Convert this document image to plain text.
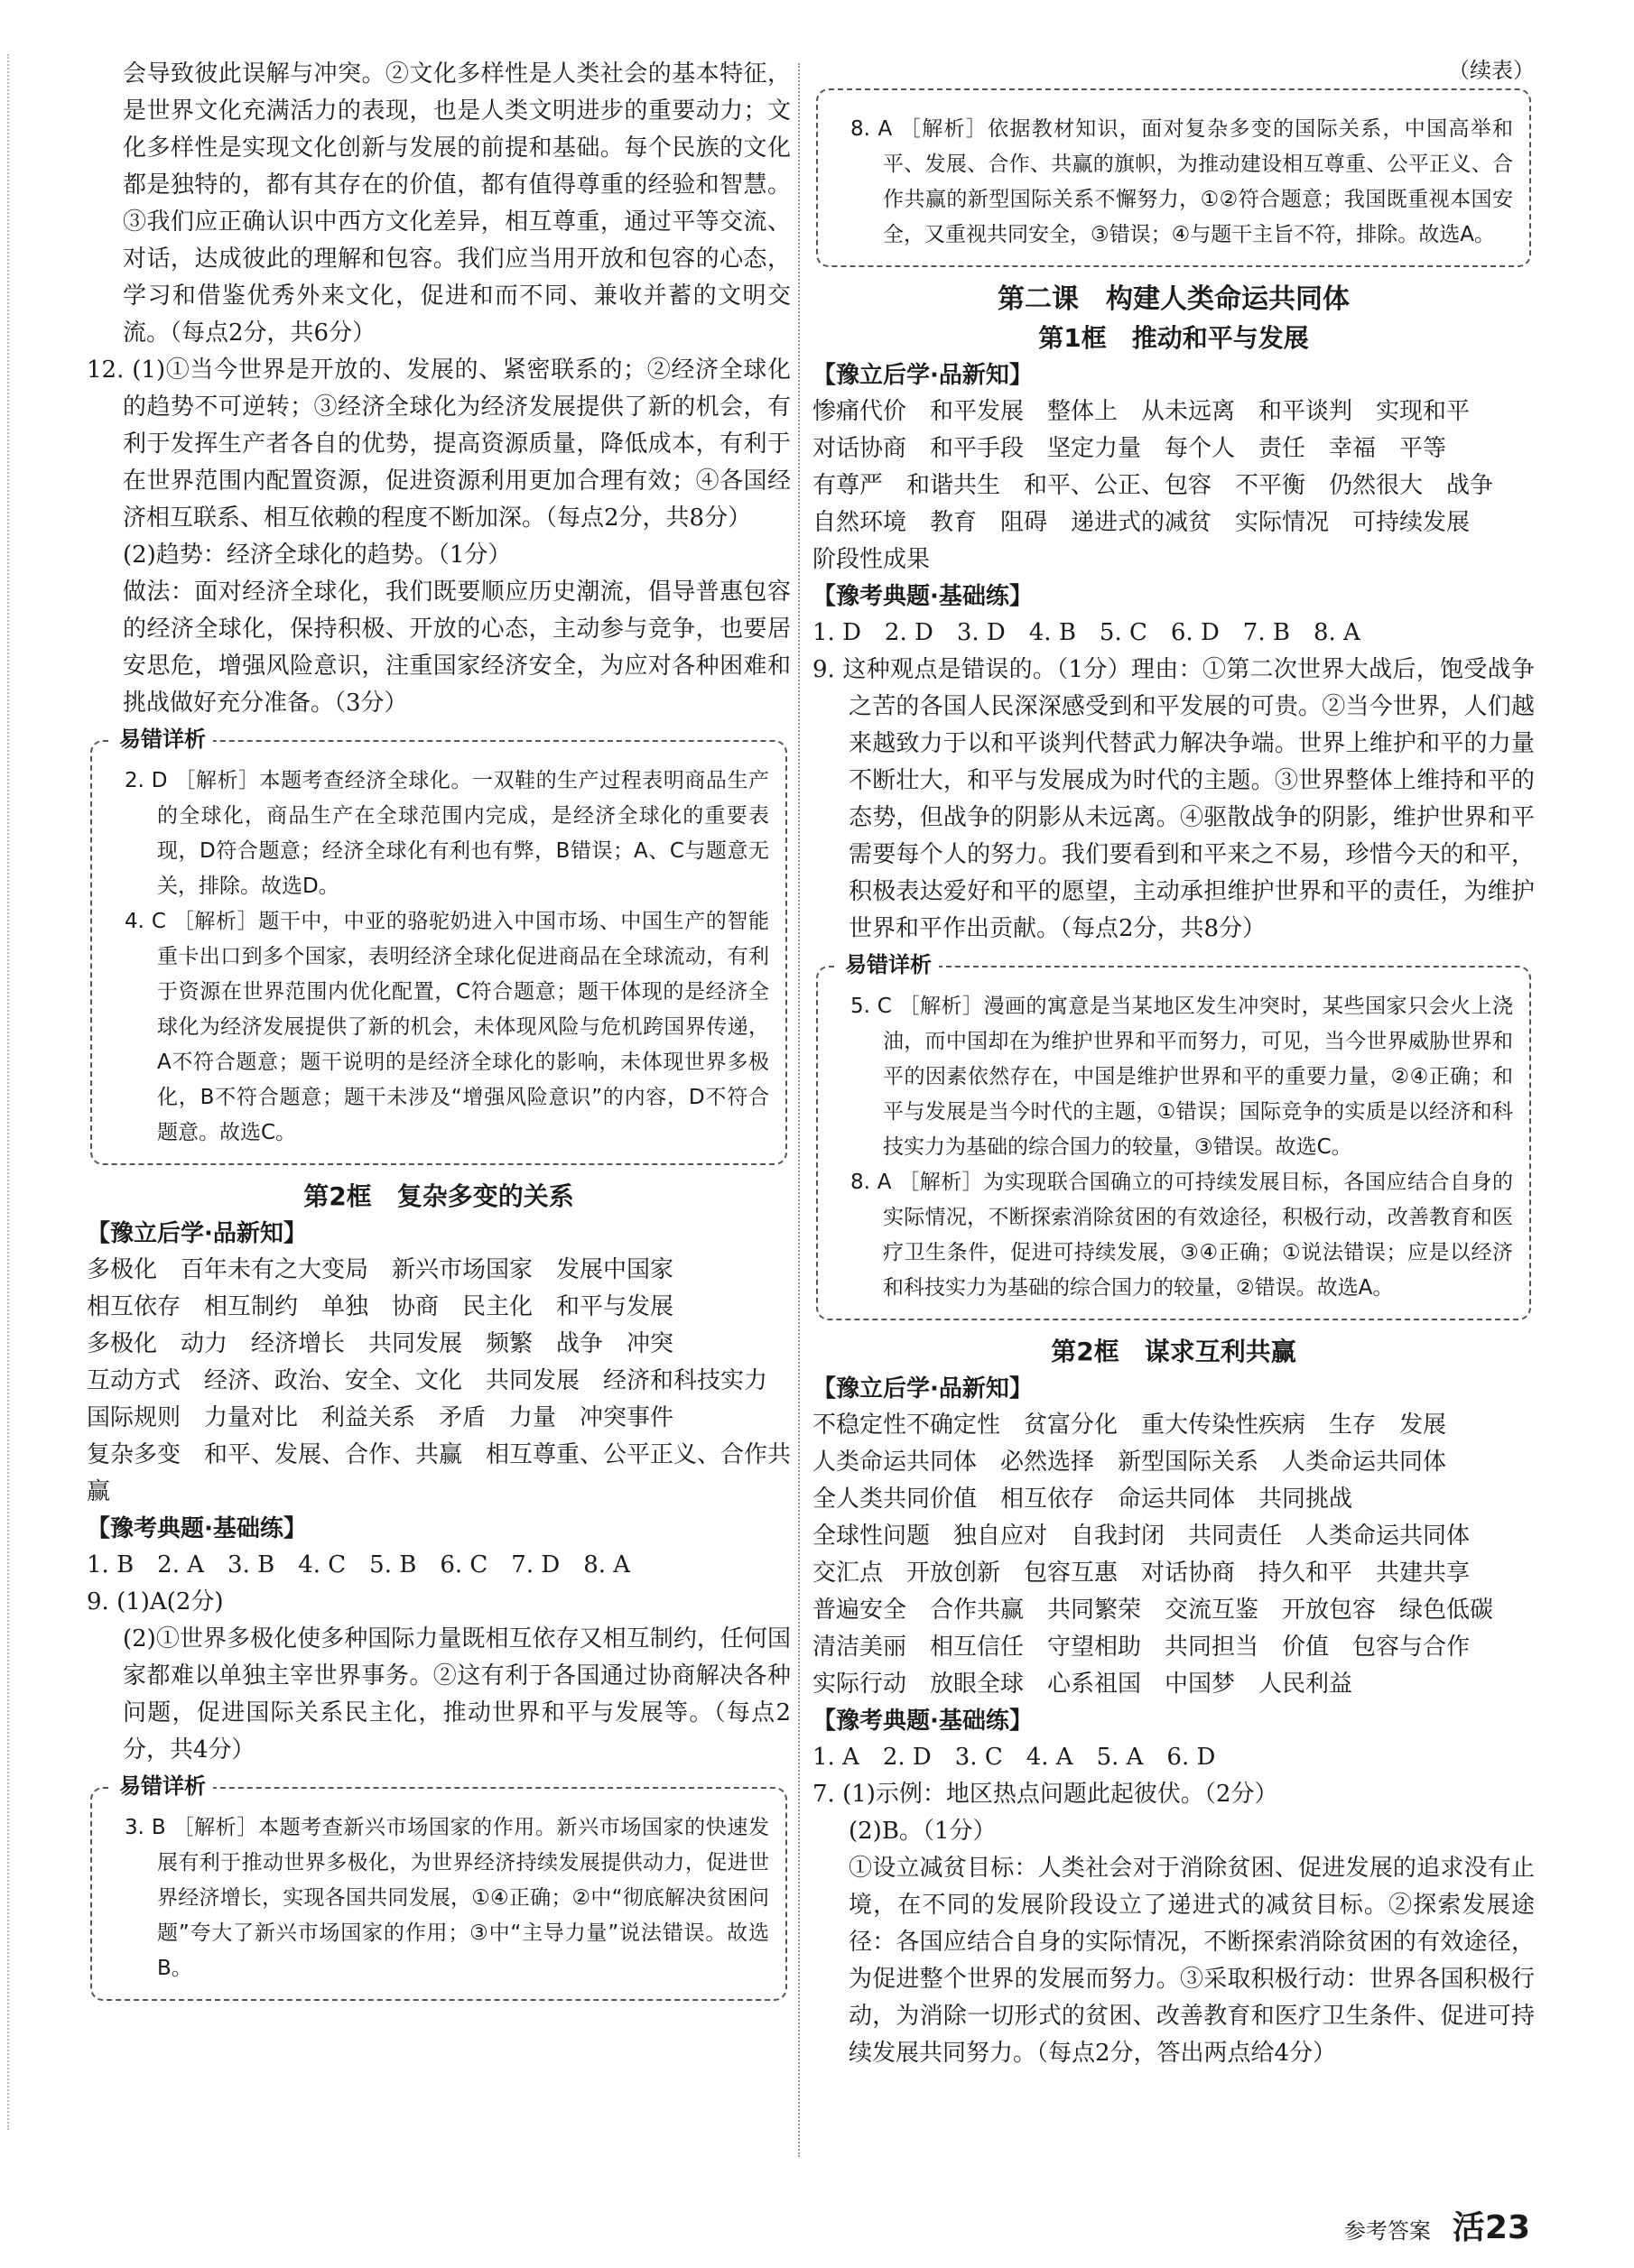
会导致彼此误解与冲突。②文化多样性是人类社会的基本特征，是世界文化充满活力的表现，也是人类文明进步的重要动力；文化多样性是实现文化创新与发展的前提和基础。每个民族的文化都是独特的，都有其存在的价值，都有值得尊重的经验和智慧。③我们应正确认识中西方文化差异，相互尊重，通过平等交流、对话，达成彼此的理解和包容。我们应当用开放和包容的心态，学习和借鉴优秀外来文化，促进和而不同、兼收并蓄的文明交流。（每点2分，共6分）

12. (1)①当今世界是开放的、发展的、紧密联系的；②经济全球化的趋势不可逆转；③经济全球化为经济发展提供了新的机会，有利于发挥生产者各自的优势，提高资源质量，降低成本，有利于在世界范围内配置资源，促进资源利用更加合理有效；④各国经济相互联系、相互依赖的程度不断加深。（每点2分，共8分）

(2)趋势：经济全球化的趋势。（1分）

做法：面对经济全球化，我们既要顺应历史潮流，倡导普惠包容的经济全球化，保持积极、开放的心态，主动参与竞争，也要居安思危，增强风险意识，注重国家经济安全，为应对各种困难和挑战做好充分准备。（3分）

易错详析

2. D ［解析］本题考查经济全球化。一双鞋的生产过程表明商品生产的全球化，商品生产在全球范围内完成，是经济全球化的重要表现，D符合题意；经济全球化有利也有弊，B错误；A、C与题意无关，排除。故选D。

4. C ［解析］题干中，中亚的骆驼奶进入中国市场、中国生产的智能重卡出口到多个国家，表明经济全球化促进商品在全球流动，有利于资源在世界范围内优化配置，C符合题意；题干体现的是经济全球化为经济发展提供了新的机会，未体现风险与危机跨国界传递，A不符合题意；题干说明的是经济全球化的影响，未体现世界多极化，B不符合题意；题干未涉及“增强风险意识”的内容，D不符合题意。故选C。

第2框　复杂多变的关系
【豫立后学·品新知】
多极化　百年未有之大变局　新兴市场国家　发展中国家
相互依存　相互制约　单独　协商　民主化　和平与发展
多极化　动力　经济增长　共同发展　频繁　战争　冲突
互动方式　经济、政治、安全、文化　共同发展　经济和科技实力
国际规则　力量对比　利益关系　矛盾　力量　冲突事件
复杂多变　和平、发展、合作、共赢　相互尊重、公平正义、合作共赢
【豫考典题·基础练】

1. B　2. A　3. B　4. C　5. B　6. C　7. D　8. A

9. (1)A(2分)

(2)①世界多极化使多种国际力量既相互依存又相互制约，任何国家都难以单独主宰世界事务。②这有利于各国通过协商解决各种问题，促进国际关系民主化，推动世界和平与发展等。（每点2分，共4分）

易错详析

3. B ［解析］本题考查新兴市场国家的作用。新兴市场国家的快速发展有利于推动世界多极化，为世界经济持续发展提供动力，促进世界经济增长，实现各国共同发展，①④正确；②中“彻底解决贫困问题”夸大了新兴市场国家的作用；③中“主导力量”说法错误。故选B。

（续表）

8. A ［解析］依据教材知识，面对复杂多变的国际关系，中国高举和平、发展、合作、共赢的旗帜，为推动建设相互尊重、公平正义、合作共赢的新型国际关系不懈努力，①②符合题意；我国既重视本国安全，又重视共同安全，③错误；④与题干主旨不符，排除。故选A。

第二课　构建人类命运共同体
第1框　推动和平与发展
【豫立后学·品新知】
惨痛代价　和平发展　整体上　从未远离　和平谈判　实现和平
对话协商　和平手段　坚定力量　每个人　责任　幸福　平等
有尊严　和谐共生　和平、公正、包容　不平衡　仍然很大　战争
自然环境　教育　阻碍　递进式的减贫　实际情况　可持续发展
阶段性成果
【豫考典题·基础练】

1. D　2. D　3. D　4. B　5. C　6. D　7. B　8. A

9. 这种观点是错误的。（1分）理由：①第二次世界大战后，饱受战争之苦的各国人民深深感受到和平发展的可贵。②当今世界，人们越来越致力于以和平谈判代替武力解决争端。世界上维护和平的力量不断壮大，和平与发展成为时代的主题。③世界整体上维持和平的态势，但战争的阴影从未远离。④驱散战争的阴影，维护世界和平需要每个人的努力。我们要看到和平来之不易，珍惜今天的和平，积极表达爱好和平的愿望，主动承担维护世界和平的责任，为维护世界和平作出贡献。（每点2分，共8分）

易错详析

5. C ［解析］漫画的寓意是当某地区发生冲突时，某些国家只会火上浇油，而中国却在为维护世界和平而努力，可见，当今世界威胁世界和平的因素依然存在，中国是维护世界和平的重要力量，②④正确；和平与发展是当今时代的主题，①错误；国际竞争的实质是以经济和科技实力为基础的综合国力的较量，③错误。故选C。

8. A ［解析］为实现联合国确立的可持续发展目标，各国应结合自身的实际情况，不断探索消除贫困的有效途径，积极行动，改善教育和医疗卫生条件，促进可持续发展，③④正确；①说法错误；应是以经济和科技实力为基础的综合国力的较量，②错误。故选A。

第2框　谋求互利共赢
【豫立后学·品新知】
不稳定性不确定性　贫富分化　重大传染性疾病　生存　发展
人类命运共同体　必然选择　新型国际关系　人类命运共同体
全人类共同价值　相互依存　命运共同体　共同挑战
全球性问题　独自应对　自我封闭　共同责任　人类命运共同体
交汇点　开放创新　包容互惠　对话协商　持久和平　共建共享
普遍安全　合作共赢　共同繁荣　交流互鉴　开放包容　绿色低碳
清洁美丽　相互信任　守望相助　共同担当　价值　包容与合作
实际行动　放眼全球　心系祖国　中国梦　人民利益
【豫考典题·基础练】

1. A　2. D　3. C　4. A　5. A　6. D

7. (1)示例：地区热点问题此起彼伏。（2分）

(2)B。（1分）

①设立减贫目标：人类社会对于消除贫困、促进发展的追求没有止境，在不同的发展阶段设立了递进式的减贫目标。②探索发展途径：各国应结合自身的实际情况，不断探索消除贫困的有效途径，为促进整个世界的发展而努力。③采取积极行动：世界各国积极行动，为消除一切形式的贫困、改善教育和医疗卫生条件、促进可持续发展共同努力。（每点2分，答出两点给4分）

参考答案 活23
